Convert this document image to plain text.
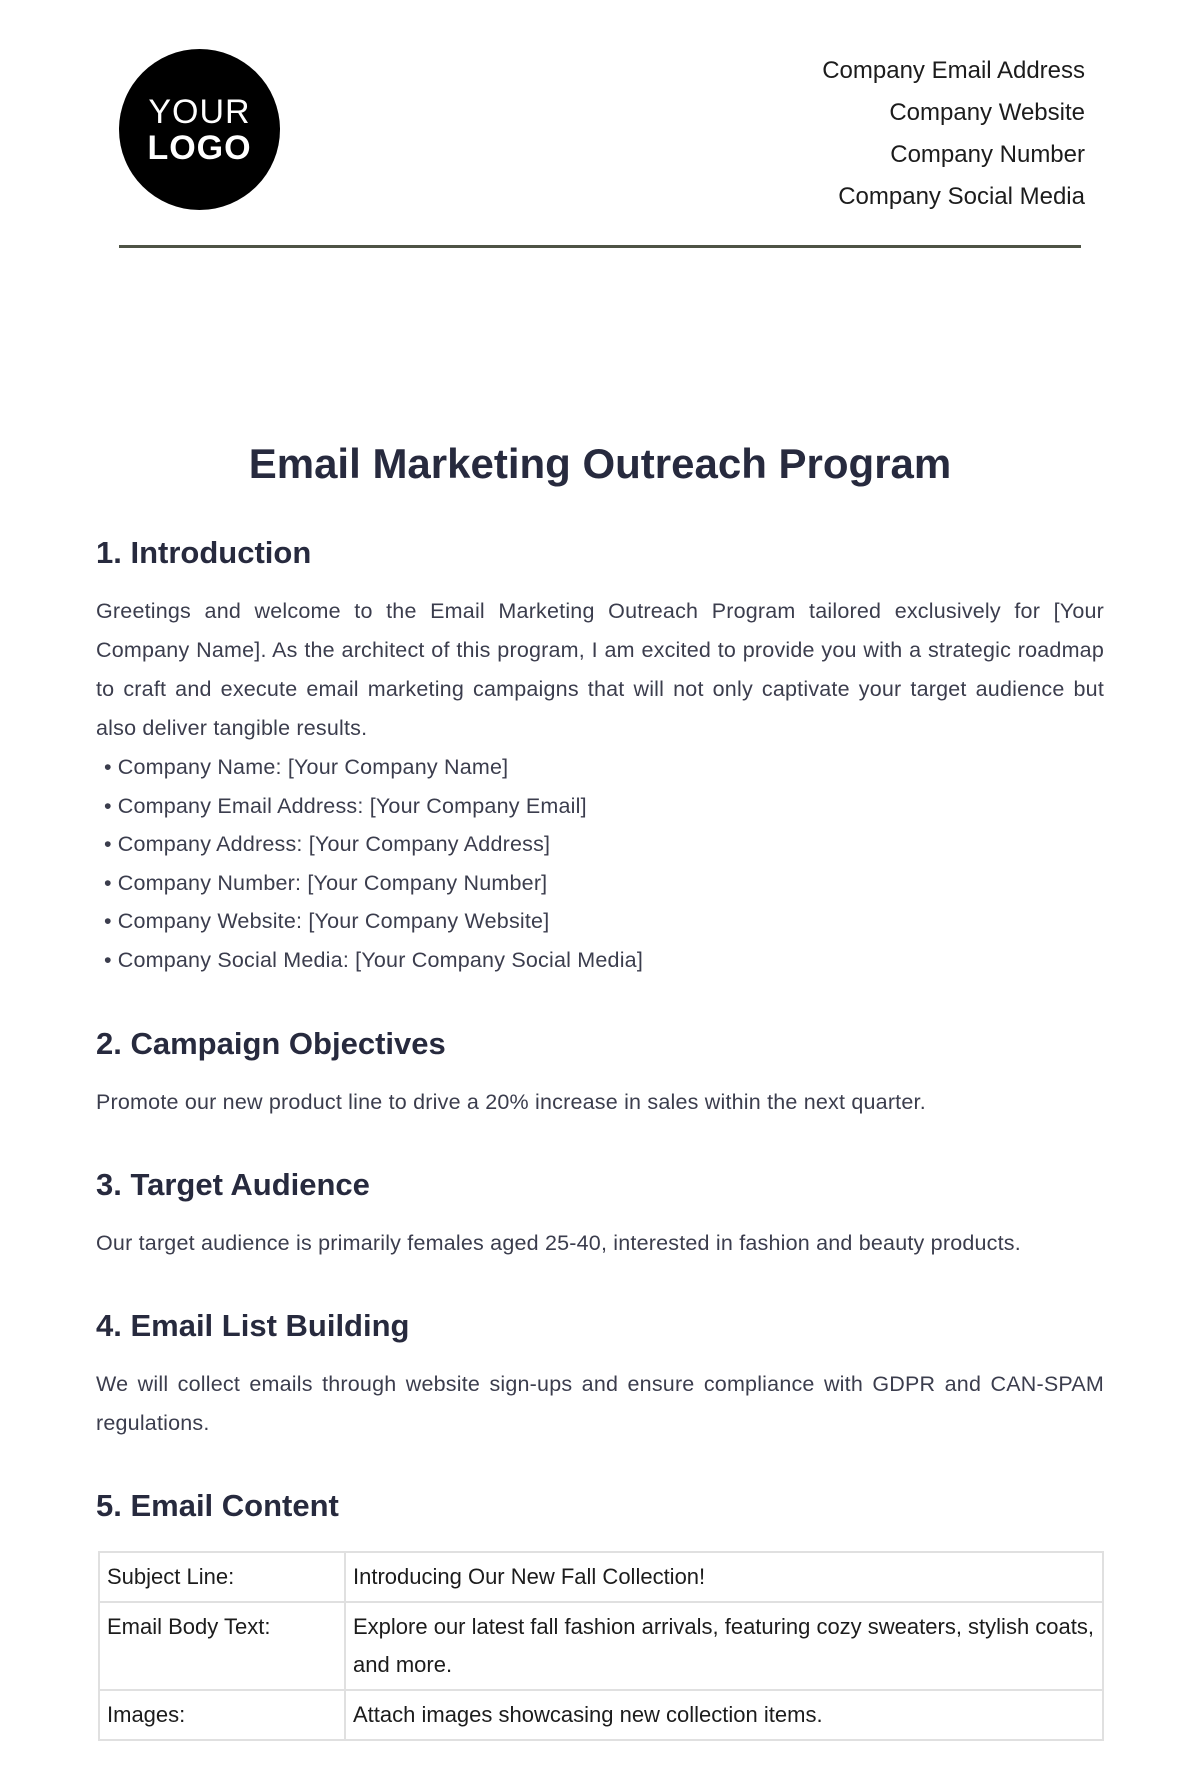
YOUR
LOGO
Company Email Address
Company Website
Company Number
Company Social Media
Email Marketing Outreach Program
1. Introduction

Greetings and welcome to the Email Marketing Outreach Program tailored exclusively for [Your Company Name]. As the architect of this program, I am excited to provide you with a strategic roadmap to craft and execute email marketing campaigns that will not only captivate your target audience but also deliver tangible results.

• Company Name: [Your Company Name]
• Company Email Address: [Your Company Email]
• Company Address: [Your Company Address]
• Company Number: [Your Company Number]
• Company Website: [Your Company Website]
• Company Social Media: [Your Company Social Media]
2. Campaign Objectives

Promote our new product line to drive a 20% increase in sales within the next quarter.

3. Target Audience

Our target audience is primarily females aged 25-40, interested in fashion and beauty products.

4. Email List Building

We will collect emails through website sign-ups and ensure compliance with GDPR and CAN-SPAM regulations.

5. Email Content
Subject Line:	Introducing Our New Fall Collection!
Email Body Text:	Explore our latest fall fashion arrivals, featuring cozy sweaters, stylish coats, and more.
Images:	Attach images showcasing new collection items.
